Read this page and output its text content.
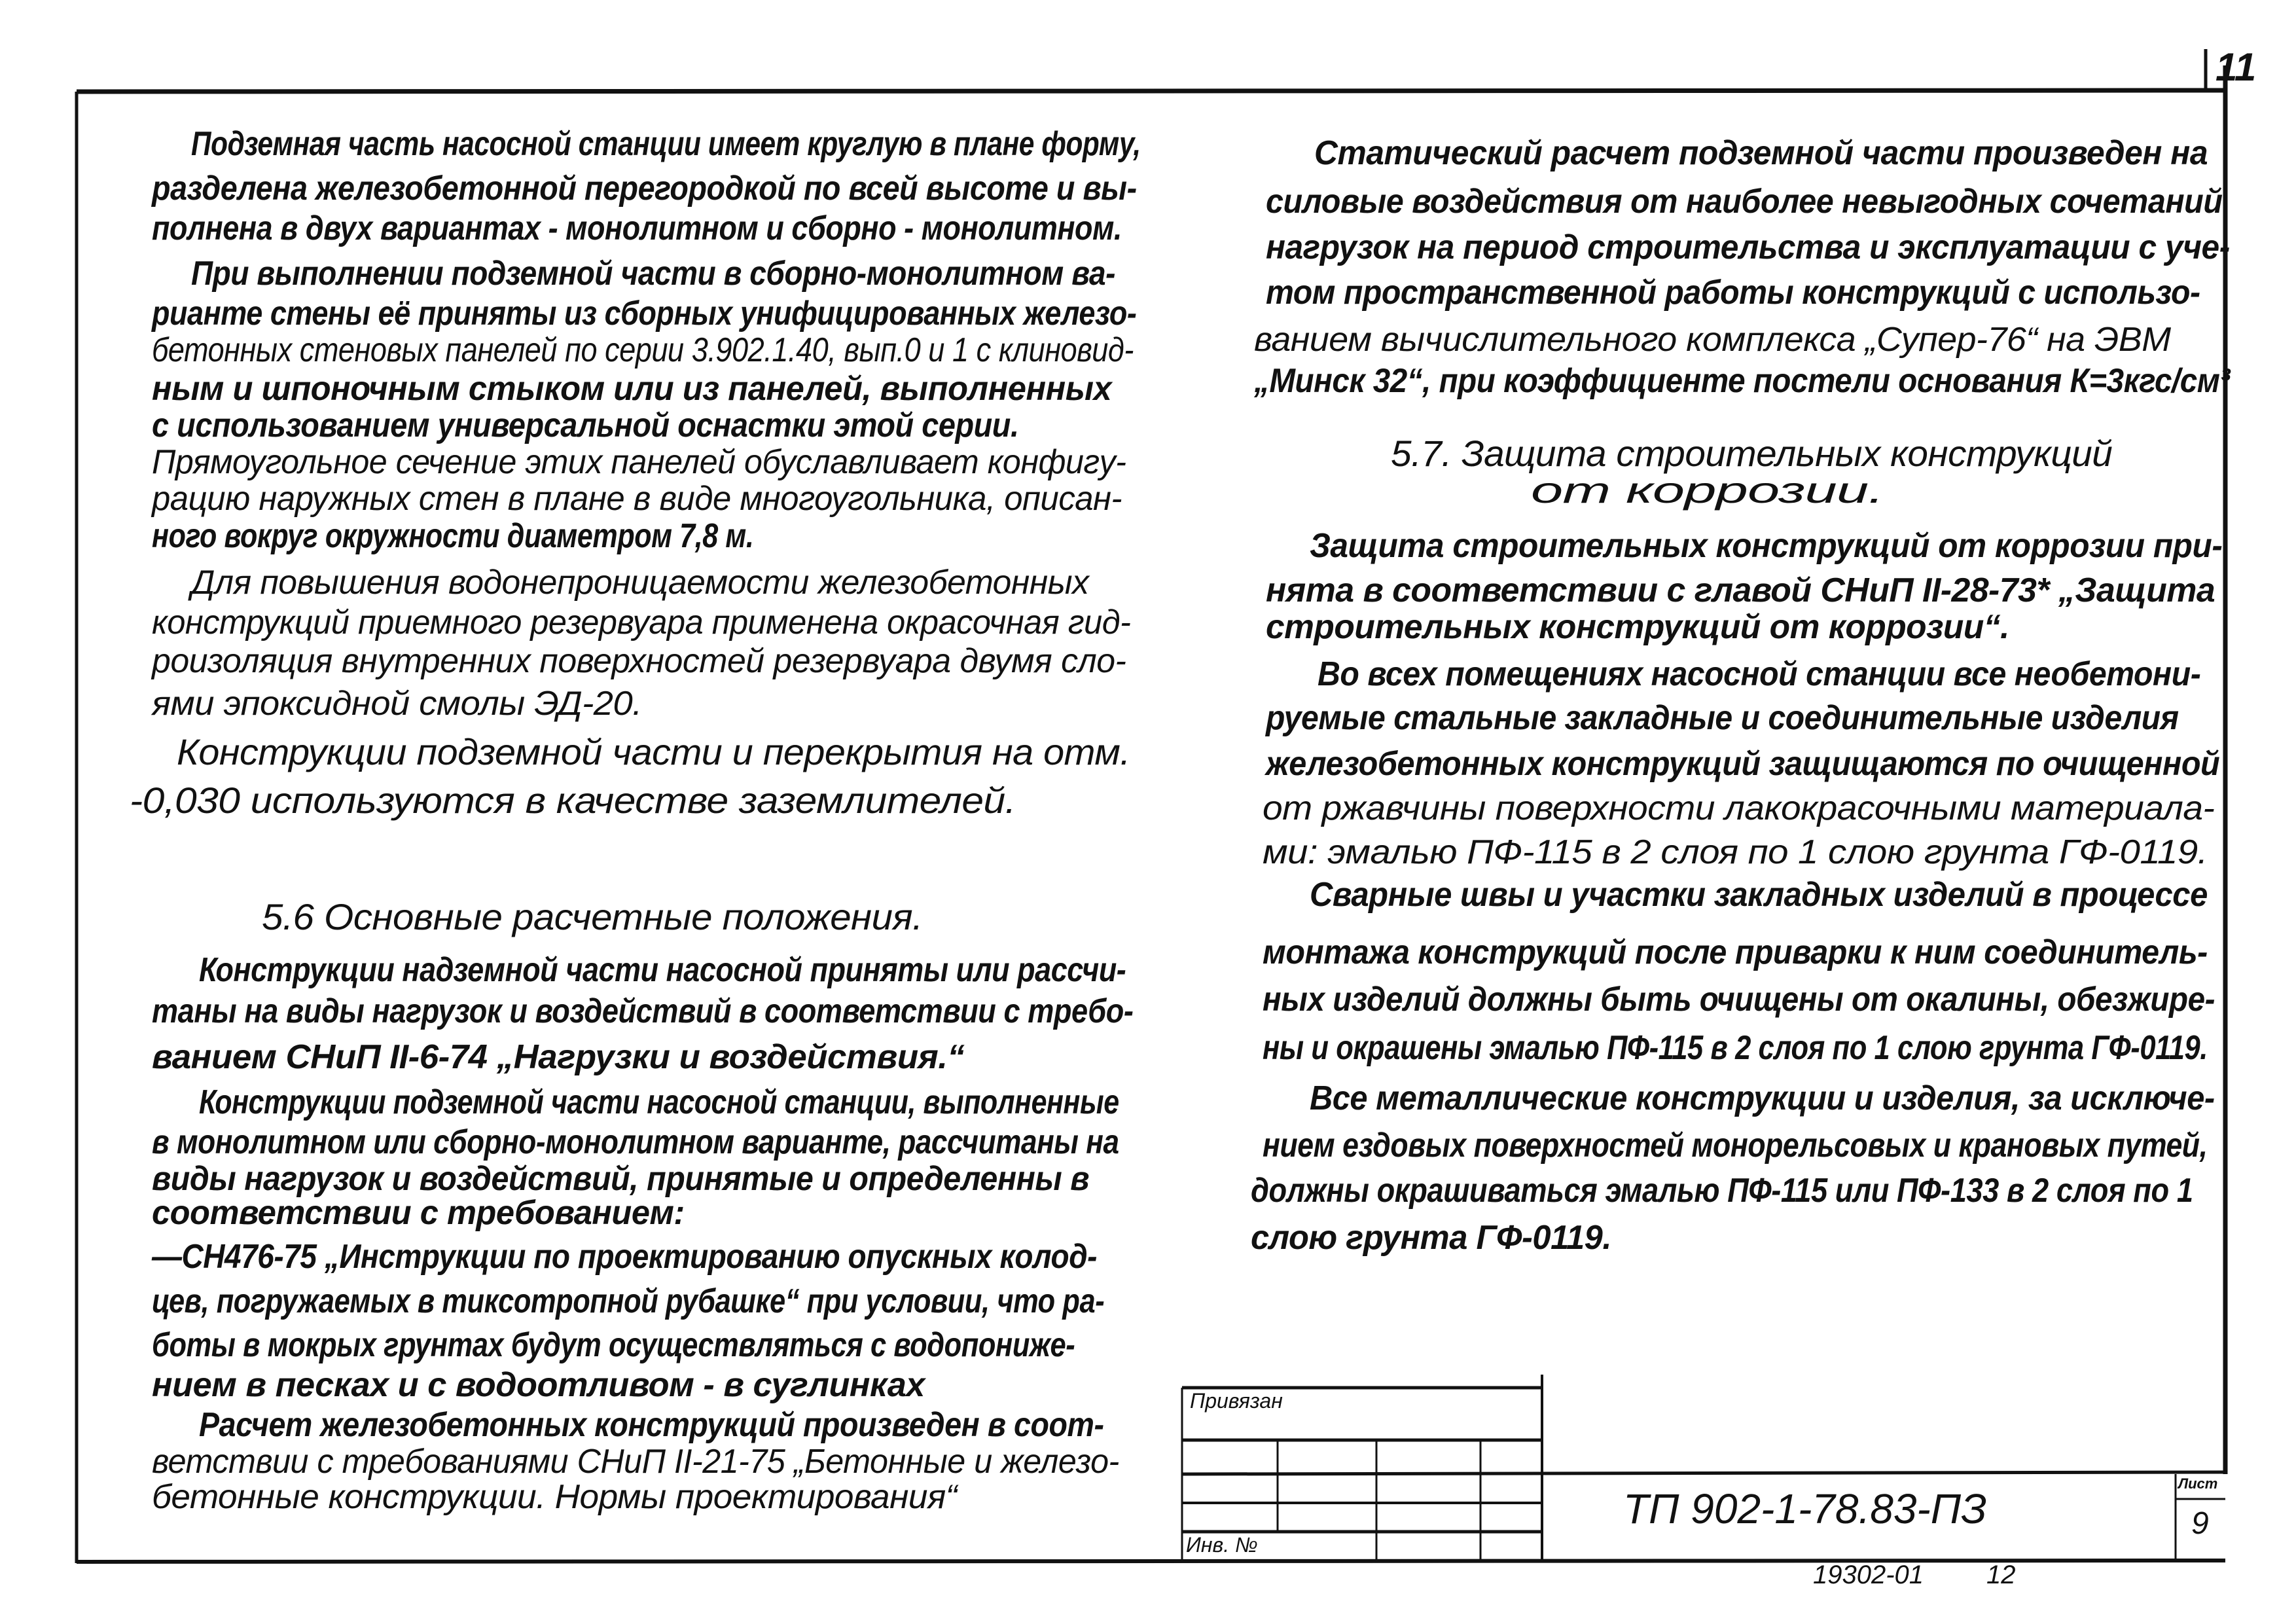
11
Подземная часть насосной станции имеет круглую в плане форму,
разделена железобетонной перегородкой по всей высоте и вы-
полнена в двух вариантах - монолитном и сборно - монолитном.
При выполнении подземной части в сборно-монолитном ва-
рианте стены её приняты из сборных унифицированных железо-
бетонных стеновых панелей по серии 3.902.1.40, вып.0 и 1 с клиновид-
ным и шпоночным стыком или из панелей, выполненных
с использованием универсальной оснастки этой серии.
Прямоугольное сечение этих панелей обуславливает конфигу-
рацию наружных стен в плане в виде многоугольника, описан-
ного вокруг окружности диаметром 7,8 м.
Для повышения водонепроницаемости железобетонных
конструкций приемного резервуара применена окрасочная гид-
роизоляция внутренних поверхностей резервуара двумя сло-
ями эпоксидной смолы ЭД-20.
Конструкции подземной части и перекрытия на отм.
-0,030 используются в качестве заземлителей.
5.6 Основные расчетные положения.
Конструкции надземной части насосной приняты или рассчи-
таны на виды нагрузок и воздействий в соответствии с требо-
ванием СНиП II-6-74 „Нагрузки и воздействия.“
Конструкции подземной части насосной станции, выполненные
в монолитном или сборно-монолитном варианте, рассчитаны на
виды нагрузок и воздействий, принятые и определенны в
соответствии с требованием:
—СН476-75 „Инструкции по проектированию опускных колод-
цев, погружаемых в тиксотропной рубашке“ при условии, что ра-
боты в мокрых грунтах будут осуществляться с водопониже-
нием в песках и с водоотливом - в суглинках
Расчет железобетонных конструкций произведен в соот-
ветствии с требованиями СНиП II-21-75 „Бетонные и железо-
бетонные конструкции. Нормы проектирования“
Статический расчет подземной части произведен на
силовые воздействия от наиболее невыгодных сочетаний
нагрузок на период строительства и эксплуатации с уче-
том пространственной работы конструкций с использо-
ванием вычислительного комплекса „Супер-76“ на ЭВМ
„Минск 32“, при коэффициенте постели основания К=3кгс/см³
5.7. Защита строительных конструкций
от коррозии.
Защита строительных конструкций от коррозии при-
нята в соответствии с главой СНиП II-28-73* „Защита
строительных конструкций от коррозии“.
Во всех помещениях насосной станции все необетони-
руемые стальные закладные и соединительные изделия
железобетонных конструкций защищаются по очищенной
от ржавчины поверхности лакокрасочными материала-
ми: эмалью ПФ-115 в 2 слоя по 1 слою грунта ГФ-0119.
Сварные швы и участки закладных изделий в процессе
монтажа конструкций после приварки к ним соединитель-
ных изделий должны быть очищены от окалины, обезжире-
ны и окрашены эмалью ПФ-115 в 2 слоя по 1 слою грунта ГФ-0119.
Все металлические конструкции и изделия, за исключе-
нием ездовых поверхностей монорельсовых и крановых путей,
должны окрашиваться эмалью ПФ-115 или ПФ-133 в 2 слоя по 1
слою грунта ГФ-0119.
Привязан
Инв. №
ТП 902-1-78.83-ПЗ
Лист
9
19302-01 12
